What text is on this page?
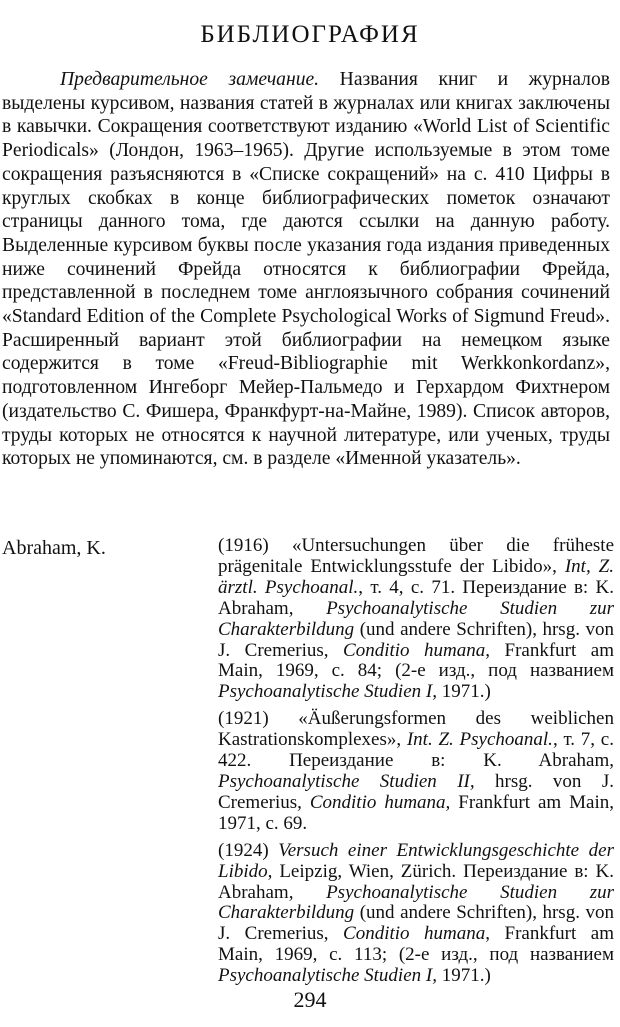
БИБЛИОГРАФИЯ

Предварительное замечание. Названия книг и журналов выделены курсивом, названия статей в журналах или книгах заключены в кавычки. Сокращения соответствуют изданию «World List of Scientific Periodicals» (Лондон, 1963–1965). Другие используемые в этом томе сокращения разъясняются в «Списке сокращений» на с. 410 Цифры в круглых скобках в конце библиографических пометок означают страницы данного тома, где даются ссылки на данную работу. Выделенные курсивом буквы после указания года издания приведенных ниже сочинений Фрейда относятся к библиографии Фрейда, представленной в последнем томе англоязычного собрания сочинений «Standard Edition of the Complete Psychological Works of Sigmund Freud». Расширенный вариант этой библиографии на немецком языке содержится в томе «Freud-Bibliographie mit Werkkonkordanz», подготовленном Ингеборг Мейер-Пальмедо и Герхардом Фихтнером (издательство С. Фишера, Франкфурт-на-Майне, 1989). Список авторов, труды которых не относятся к научной литературе, или ученых, труды которых не упоминаются, см. в разделе «Именной указатель».

Abraham, K.	(1916) «Untersuchungen über die früheste prägenitale Entwicklungsstufe der Libido», Int, Z. ärztl. Psychoanal., т. 4, с. 71. Переиздание в: K. Abraham, Psychoanalytische Studien zur Charakterbildung (und andere Schriften), hrsg. von J. Cremerius, Conditio humana, Frankfurt am Main, 1969, с. 84; (2-е изд., под названием Psychoanalytische Studien I, 1971.)

(1921) «Äußerungsformen des weiblichen Kastrationskomplexes», Int. Z. Psychoanal., т. 7, с. 422. Переиздание в: K. Abraham, Psychoanalytische Studien II, hrsg. von J. Cremerius, Conditio humana, Frankfurt am Main, 1971, с. 69.

(1924) Versuch einer Entwicklungsgeschichte der Libido, Leipzig, Wien, Zürich. Переиздание в: K. Abraham, Psychoanalytische Studien zur Charakterbildung (und andere Schriften), hrsg. von J. Cremerius, Conditio humana, Frankfurt am Main, 1969, с. 113; (2-е изд., под названием Psychoanalytische Studien I, 1971.)

294
